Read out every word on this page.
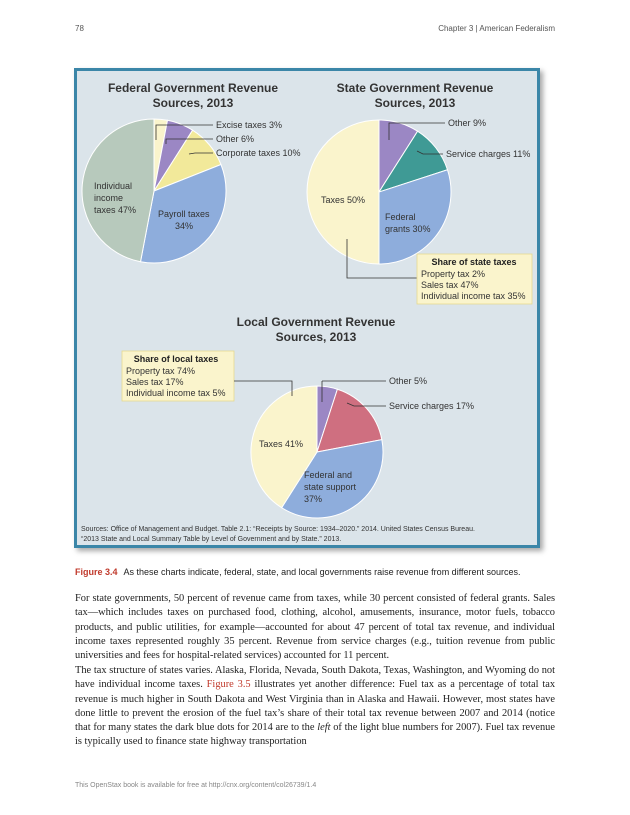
78	Chapter 3 | American Federalism
Federal Government Revenue
Sources, 2013
State Government Revenue
Sources, 2013
Local Government Revenue
Sources, 2013
Excise taxes 3%
Other 6%
Corporate taxes 10%
Payroll taxes
34%
Individual
income
taxes 47%
Other 9%
Service charges 11%
Federal
grants 30%
Taxes 50%
Share of state taxes
Property tax 2%
Sales tax 47%
Individual income tax 35%
Share of local taxes
Property tax 74%
Sales tax 17%
Individual income tax 5%
Other 5%
Service charges 17%
Taxes 41%
Federal and
state support
37%
Sources: Office of Management and Budget. Table 2.1: “Receipts by Source: 1934–2020.” 2014. United States Census Bureau.
“2013 State and Local Summary Table by Level of Government and by State.” 2013.
Figure 3.4 As these charts indicate, federal, state, and local governments raise revenue from different sources.
For state governments, 50 percent of revenue came from taxes, while 30 percent consisted of federal grants. Sales tax—which includes taxes on purchased food, clothing, alcohol, amusements, insurance, motor fuels, tobacco products, and public utilities, for example—accounted for about 47 percent of total tax revenue, and individual income taxes represented roughly 35 percent. Revenue from service charges (e.g., tuition revenue from public universities and fees for hospital-related services) accounted for 11 percent.
The tax structure of states varies. Alaska, Florida, Nevada, South Dakota, Texas, Washington, and Wyoming do not have individual income taxes. Figure 3.5 illustrates yet another difference: Fuel tax as a percentage of total tax revenue is much higher in South Dakota and West Virginia than in Alaska and Hawaii. However, most states have done little to prevent the erosion of the fuel tax’s share of their total tax revenue between 2007 and 2014 (notice that for many states the dark blue dots for 2014 are to the left of the light blue numbers for 2007). Fuel tax revenue is typically used to finance state highway transportation
This OpenStax book is available for free at http://cnx.org/content/col26739/1.4
